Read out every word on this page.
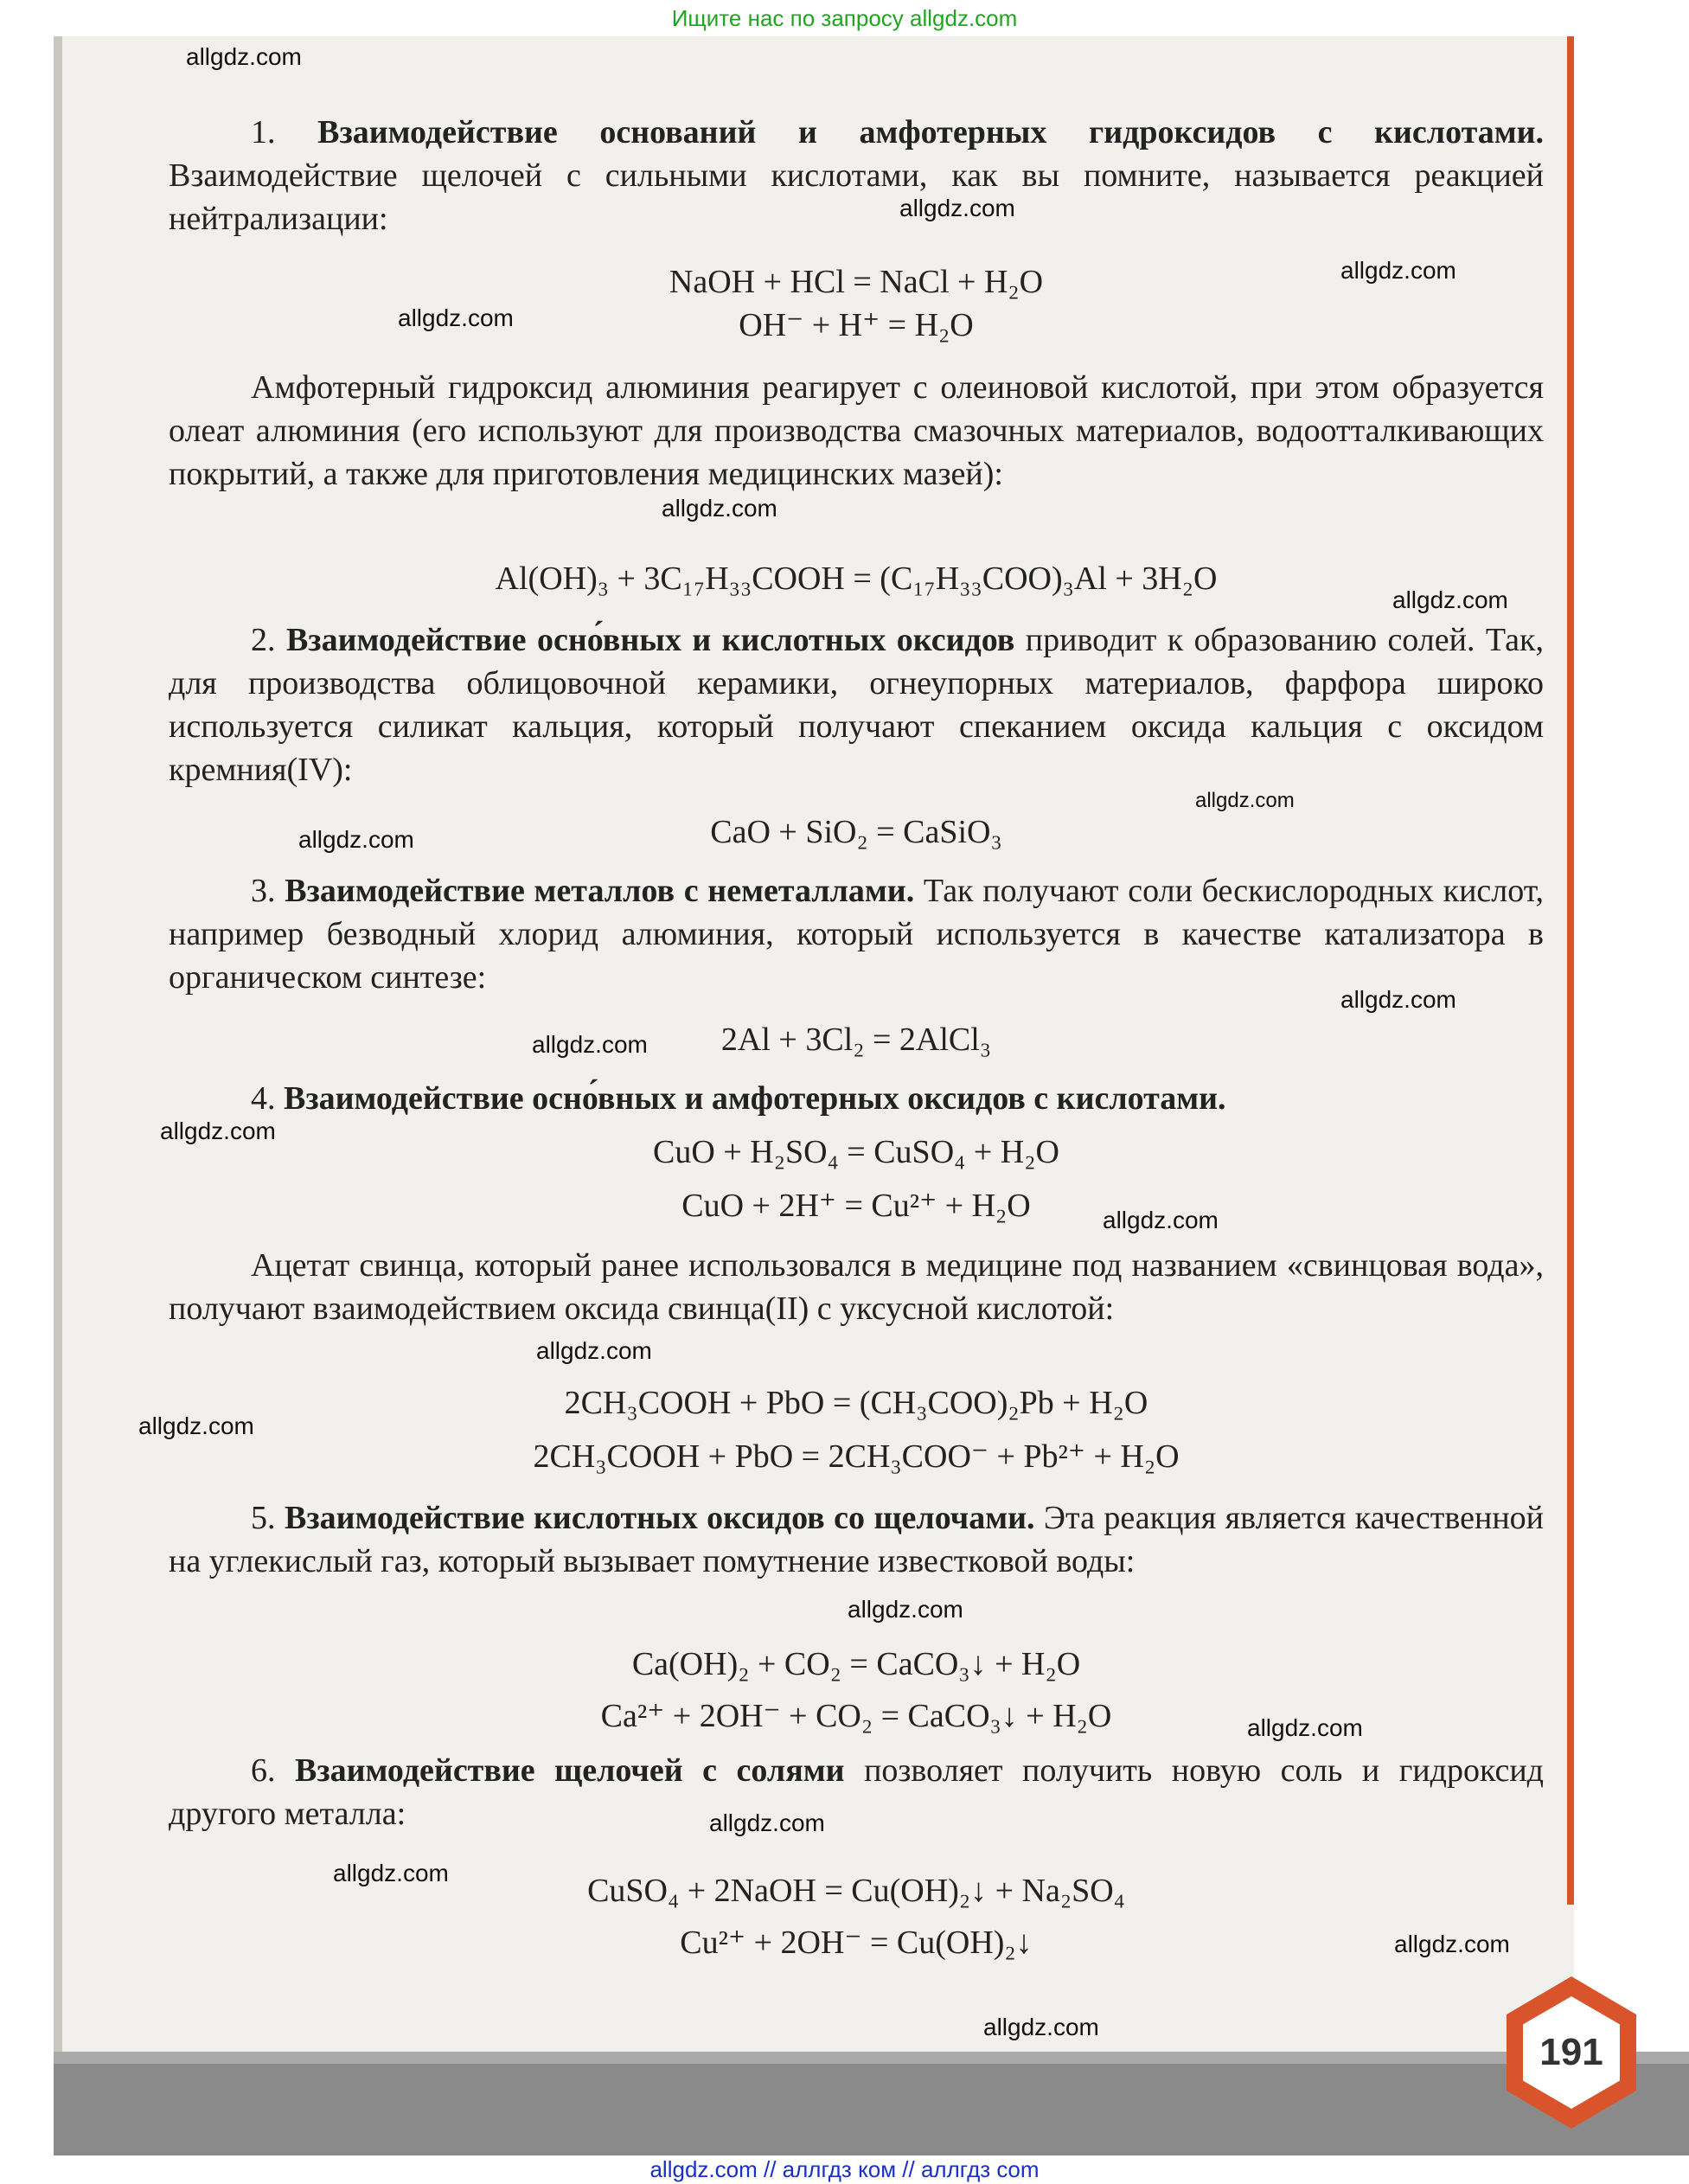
Ищите нас по запросу allgdz.com
191

1. Взаимодействие оснований и амфотерных гидроксидов с кислотами. Взаимодействие щелочей с сильными кислотами, как вы помните, называется реакцией нейтрализации:

NaOH + HCl = NaCl + H₂O

OH⁻ + H⁺ = H₂O

Амфотерный гидроксид алюминия реагирует с олеиновой кислотой, при этом образуется олеат алюминия (его используют для производства смазочных материалов, водоотталкивающих покрытий, а также для приготовления медицинских мазей):

Al(OH)₃ + 3C₁₇H₃₃COOH = (C₁₇H₃₃COO)₃Al + 3H₂O

2. Взаимодействие осно́вных и кислотных оксидов приводит к образованию солей. Так, для производства облицовочной керамики, огнеупорных материалов, фарфора широко используется силикат кальция, который получают спеканием оксида кальция с оксидом кремния(IV):

CaO + SiO₂ = CaSiO₃

3. Взаимодействие металлов с неметаллами. Так получают соли бескислородных кислот, например безводный хлорид алюминия, который используется в качестве катализатора в органическом синтезе:

2Al + 3Cl₂ = 2AlCl₃

4. Взаимодействие осно́вных и амфотерных оксидов с кислотами.

CuO + H₂SO₄ = CuSO₄ + H₂O

CuO + 2H⁺ = Cu²⁺ + H₂O

Ацетат свинца, который ранее использовался в медицине под названием «свинцовая вода», получают взаимодействием оксида свинца(II) с уксусной кислотой:

2CH₃COOH + PbO = (CH₃COO)₂Pb + H₂O

2CH₃COOH + PbO = 2CH₃COO⁻ + Pb²⁺ + H₂O

5. Взаимодействие кислотных оксидов со щелочами. Эта реакция является качественной на углекислый газ, который вызывает помутнение известковой воды:

Ca(OH)₂ + CO₂ = CaCO₃↓ + H₂O

Ca²⁺ + 2OH⁻ + CO₂ = CaCO₃↓ + H₂O

6. Взаимодействие щелочей с солями позволяет получить новую соль и гидроксид другого металла:

CuSO₄ + 2NaOH = Cu(OH)₂↓ + Na₂SO₄

Cu²⁺ + 2OH⁻ = Cu(OH)₂↓

allgdz.com
allgdz.com
allgdz.com
allgdz.com
allgdz.com
allgdz.com
allgdz.com
allgdz.com
allgdz.com
allgdz.com
allgdz.com
allgdz.com
allgdz.com
allgdz.com
allgdz.com
allgdz.com
allgdz.com
allgdz.com
allgdz.com
allgdz.com
allgdz.com // аллгдз ком // аллгдз com
